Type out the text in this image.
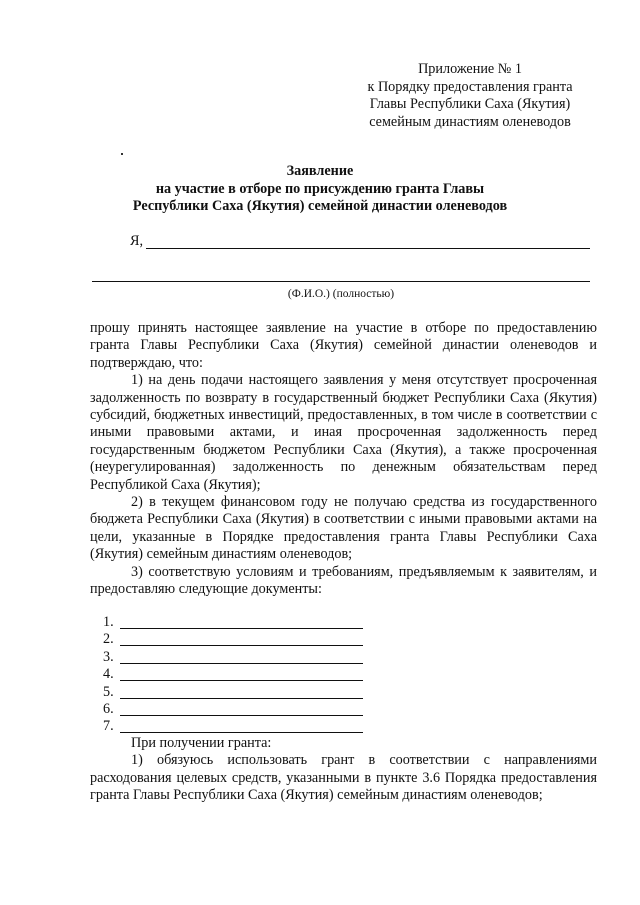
Приложение № 1
к Порядку предоставления гранта
Главы Республики Саха (Якутия)
семейным династиям оленеводов
Заявление
на участие в отборе по присуждению гранта Главы
Республики Саха (Якутия) семейной династии оленеводов
Я,
(Ф.И.О.) (полностью)

прошу принять настоящее заявление на участие в отборе по предоставлению гранта Главы Республики Саха (Якутия) семейной династии оленеводов и подтверждаю, что:

1) на день подачи настоящего заявления у меня отсутствует просроченная задолженность по возврату в государственный бюджет Республики Саха (Якутия) субсидий, бюджетных инвестиций, предоставленных, в том числе в соответствии с иными правовыми актами, и иная просроченная задолженность перед государственным бюджетом Республики Саха (Якутия), а также просроченная (неурегулированная) задолженность по денежным обязательствам перед Республикой Саха (Якутия);

2) в текущем финансовом году не получаю средства из государственного бюджета Республики Саха (Якутия) в соответствии с иными правовыми актами на цели, указанные в Порядке предоставления гранта Главы Республики Саха (Якутия) семейным династиям оленеводов;

3) соответствую условиям и требованиям, предъявляемым к заявителям, и предоставляю следующие документы:

1.
2.
3.
4.
5.
6.
7.

При получении гранта:

1) обязуюсь использовать грант в соответствии с направлениями расходования целевых средств, указанными в пункте 3.6 Порядка предоставления гранта Главы Республики Саха (Якутия) семейным династиям оленеводов;
